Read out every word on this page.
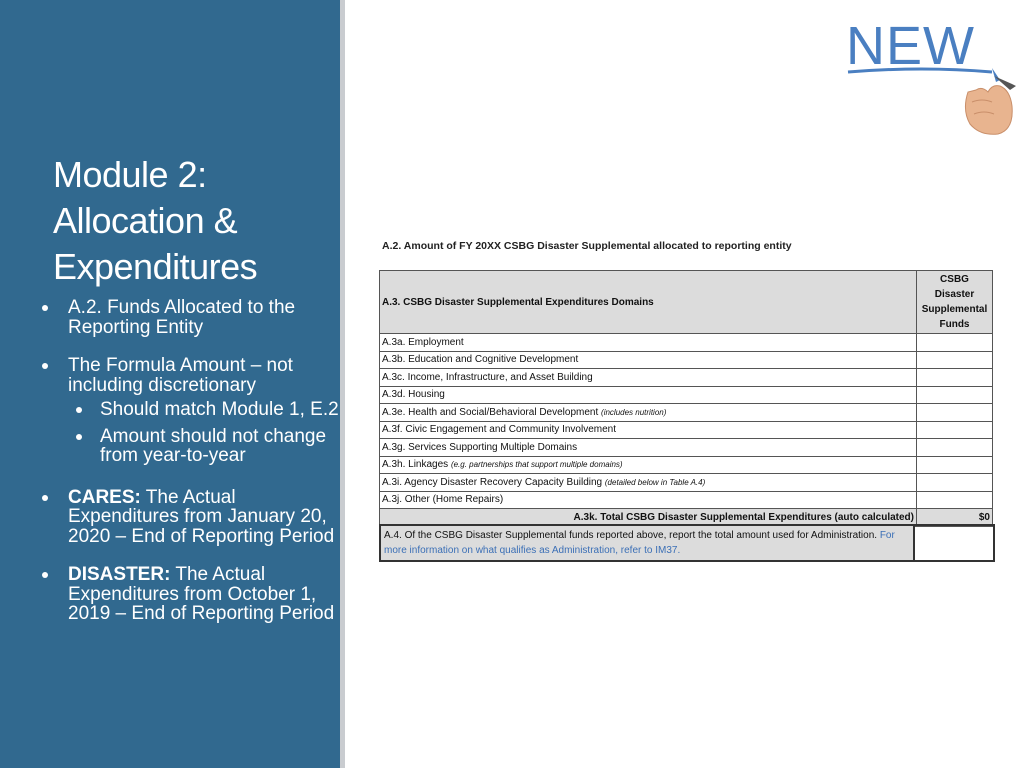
Module 2:
Allocation &
Expenditures
A.2. Funds Allocated to the Reporting Entity
The Formula Amount – not including discretionary
Should match Module 1, E.2
Amount should not change from year-to-year
CARES: The Actual Expenditures from January 20, 2020 – End of Reporting Period
DISASTER: The Actual Expenditures from October 1, 2019 – End of Reporting Period
NEW
A.2. Amount of FY 20XX CSBG Disaster Supplemental allocated to reporting entity
A.3. CSBG Disaster Supplemental Expenditures Domains	CSBG Disaster
Supplemental
Funds

A.3a. Employment	
A.3b. Education and Cognitive Development	
A.3c. Income, Infrastructure, and Asset Building	
A.3d. Housing	
A.3e. Health and Social/Behavioral Development (includes nutrition)	
A.3f. Civic Engagement and Community Involvement	
A.3g. Services Supporting Multiple Domains	
A.3h. Linkages (e.g. partnerships that support multiple domains)	
A.3i. Agency Disaster Recovery Capacity Building (detailed below in Table A.4)	
A.3j. Other (Home Repairs)	
A.3k. Total CSBG Disaster Supplemental Expenditures (auto calculated)	$0
A.4. Of the CSBG Disaster Supplemental funds reported above, report the total amount used for Administration. For more information on what qualifies as Administration, refer to IM37.
